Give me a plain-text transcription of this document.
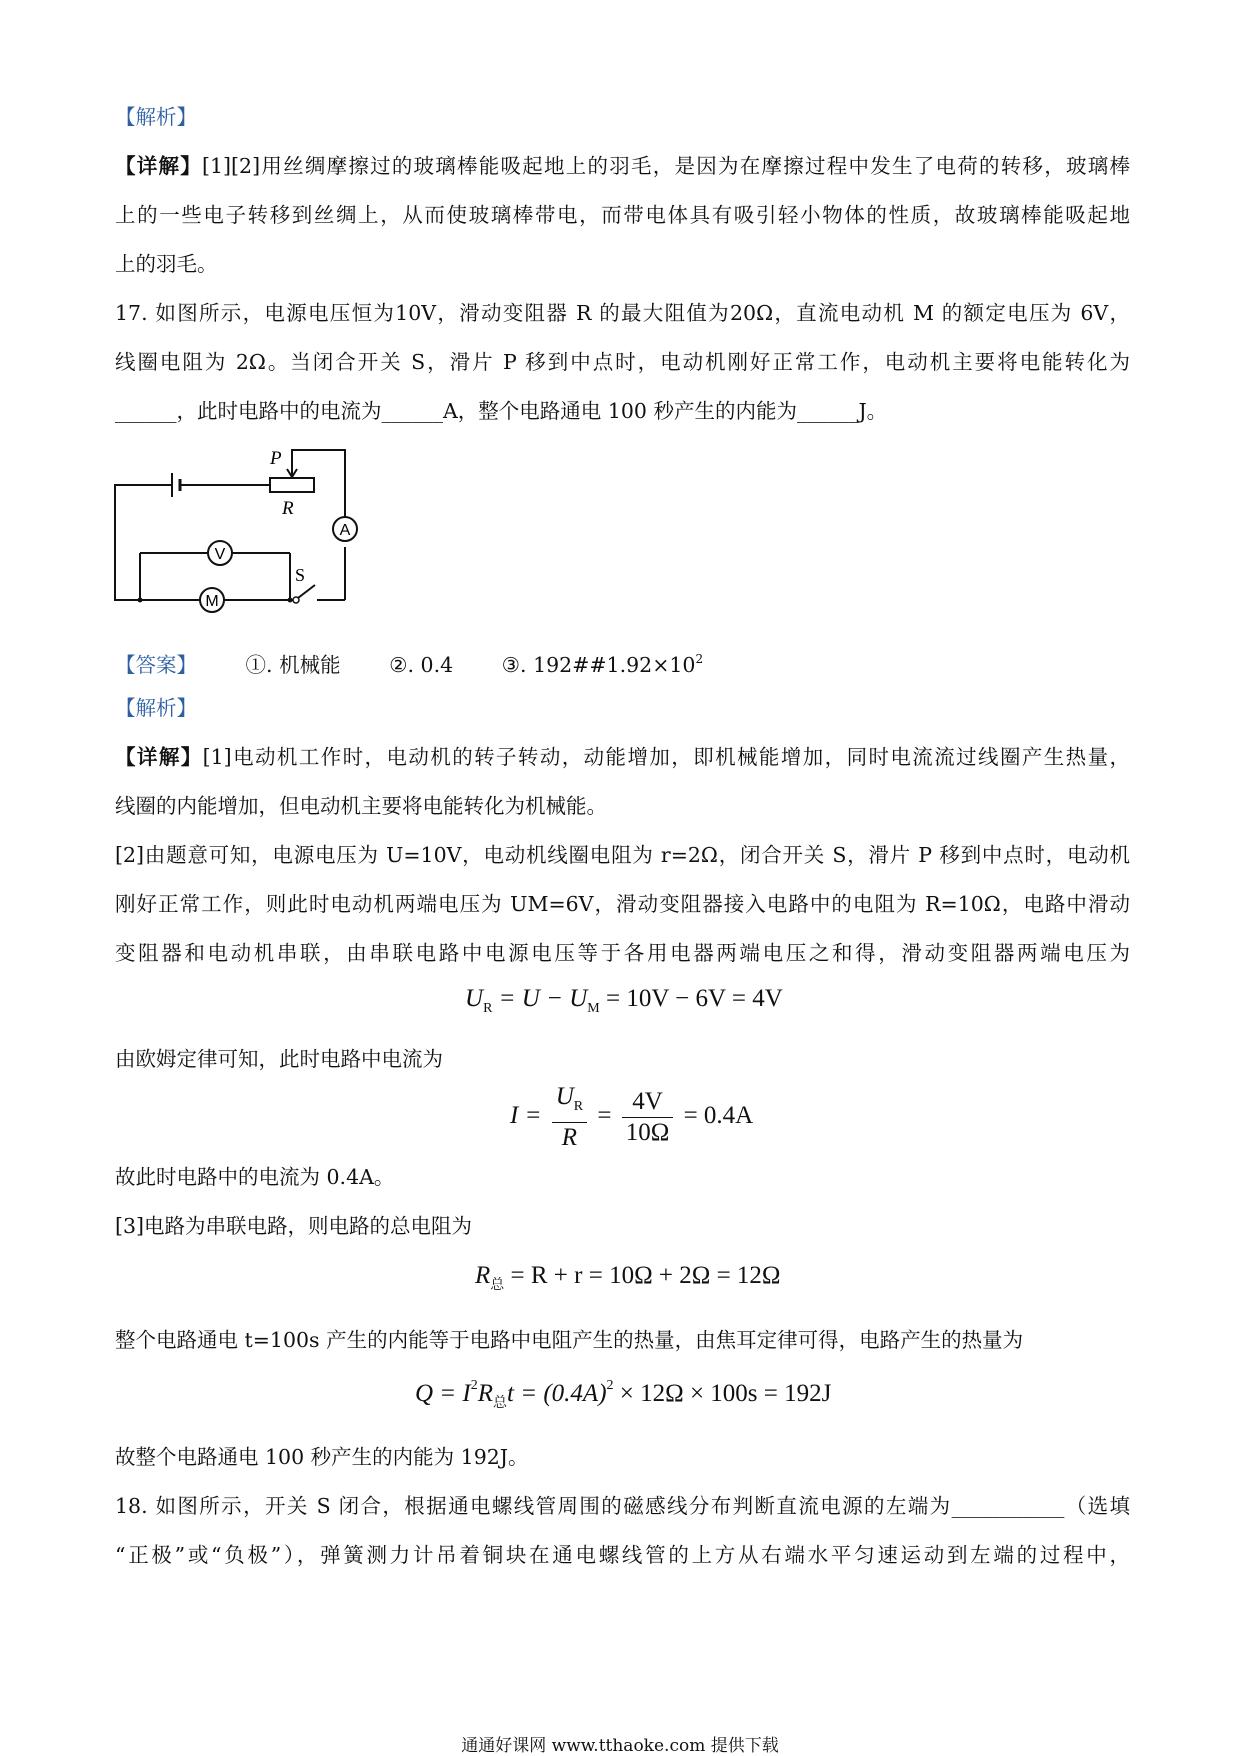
【解析】
【详解】[1][2]用丝绸摩擦过的玻璃棒能吸起地上的羽毛，是因为在摩擦过程中发生了电荷的转移，玻璃棒
上的一些电子转移到丝绸上，从而使玻璃棒带电，而带电体具有吸引轻小物体的性质，故玻璃棒能吸起地
上的羽毛。
17. 如图所示，电源电压恒为10V，滑动变阻器 R 的最大阻值为20Ω，直流电动机 M 的额定电压为 6V，
线圈电阻为 2Ω。当闭合开关 S，滑片 P 移到中点时，电动机刚好正常工作，电动机主要将电能转化为
______，此时电路中的电流为______A，整个电路通电 100 秒产生的内能为______J。
A
V
M
P
R
S
【答案】 ①. 机械能 ②. 0.4 ③. $192\#\#1.92\times 10^2$
【解析】
【详解】[1]电动机工作时，电动机的转子转动，动能增加，即机械能增加，同时电流流过线圈产生热量，
线圈的内能增加，但电动机主要将电能转化为机械能。
[2]由题意可知，电源电压为 U=10V，电动机线圈电阻为 r=2Ω，闭合开关 S，滑片 P 移到中点时，电动机
刚好正常工作，则此时电动机两端电压为 UM=6V，滑动变阻器接入电路中的电阻为 R=10Ω，电路中滑动
变阻器和电动机串联，由串联电路中电源电压等于各用电器两端电压之和得，滑动变阻器两端电压为
$U_R = U - U_M = 10V - 6V = 4V$
由欧姆定律可知，此时电路中电流为
$I = \frac{U_R}{R} = \frac{4V}{10\Omega} = 0.4A$
故此时电路中的电流为 0.4A。
[3]电路为串联电路，则电路的总电阻为
$R_总 = R + r = 10\Omega + 2\Omega = 12\Omega$
整个电路通电 t=100s 产生的内能等于电路中电阻产生的热量，由焦耳定律可得，电路产生的热量为
$Q = I^2R_总t = (0.4A)^2 \times 12\Omega \times 100s = 192J$
故整个电路通电 100 秒产生的内能为 192J。
18. 如图所示，开关 S 闭合，根据通电螺线管周围的磁感线分布判断直流电源的左端为___________（选填
“正极”或“负极”），弹簧测力计吊着铜块在通电螺线管的上方从右端水平匀速运动到左端的过程中，
通通好课网 www.tthaoke.com 提供下载
